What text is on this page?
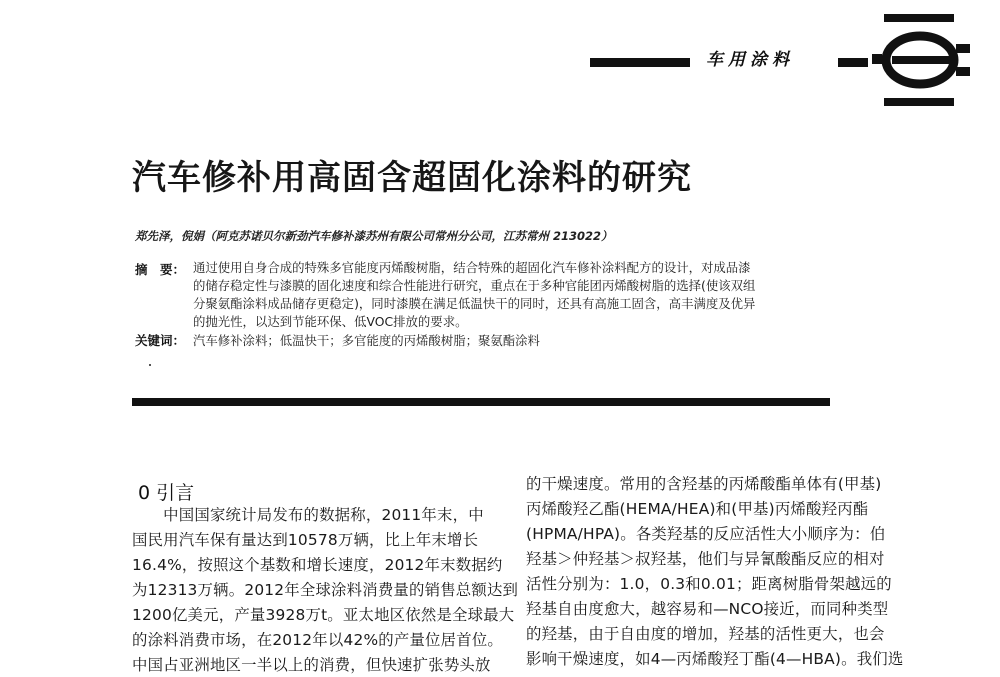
车用涂料
汽车修补用高固含超固化涂料的研究
郑先泽，倪娟（阿克苏诺贝尔新劲汽车修补漆苏州有限公司常州分公司，江苏常州 213022）
摘　要： 通过使用自身合成的特殊多官能度丙烯酸树脂，结合特殊的超固化汽车修补涂料配方的设计，对成品漆
的储存稳定性与漆膜的固化速度和综合性能进行研究，重点在于多种官能团丙烯酸树脂的选择(使该双组
分聚氨酯涂料成品储存更稳定)，同时漆膜在满足低温快干的同时，还具有高施工固含，高丰满度及优异
的抛光性，以达到节能环保、低VOC排放的要求。
关键词： 汽车修补涂料；低温快干；多官能度的丙烯酸树脂；聚氨酯涂料
0 引言
　　中国国家统计局发布的数据称，2011年末，中
国民用汽车保有量达到10578万辆，比上年末增长
16.4%，按照这个基数和增长速度，2012年末数据约
为12313万辆。2012年全球涂料消费量的销售总额达到
1200亿美元，产量3928万t。亚太地区依然是全球最大
的涂料消费市场，在2012年以42%的产量位居首位。
中国占亚洲地区一半以上的消费，但快速扩张势头放
的干燥速度。常用的含羟基的丙烯酸酯单体有(甲基)
丙烯酸羟乙酯(HEMA/HEA)和(甲基)丙烯酸羟丙酯
(HPMA/HPA)。各类羟基的反应活性大小顺序为：伯
羟基＞仲羟基＞叔羟基，他们与异氰酸酯反应的相对
活性分别为：1.0，0.3和0.01；距离树脂骨架越远的
羟基自由度愈大，越容易和—NCO接近，而同种类型
的羟基，由于自由度的增加，羟基的活性更大，也会
影响干燥速度，如4—丙烯酸羟丁酯(4—HBA)。我们选
